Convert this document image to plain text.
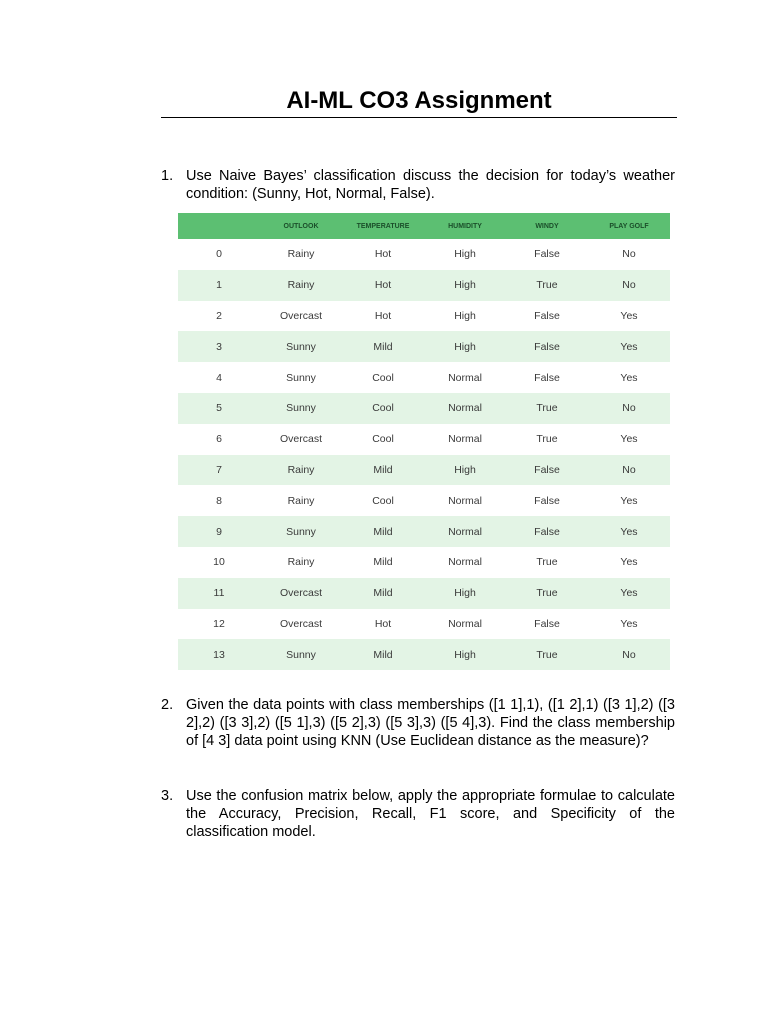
AI-ML CO3 Assignment
1. Use Naive Bayes’ classification discuss the decision for today’s weather condition: (Sunny, Hot, Normal, False).
	OUTLOOK	TEMPERATURE	HUMIDITY	WINDY	PLAY GOLF
0	Rainy	Hot	High	False	No
1	Rainy	Hot	High	True	No
2	Overcast	Hot	High	False	Yes
3	Sunny	Mild	High	False	Yes
4	Sunny	Cool	Normal	False	Yes
5	Sunny	Cool	Normal	True	No
6	Overcast	Cool	Normal	True	Yes
7	Rainy	Mild	High	False	No
8	Rainy	Cool	Normal	False	Yes
9	Sunny	Mild	Normal	False	Yes
10	Rainy	Mild	Normal	True	Yes
11	Overcast	Mild	High	True	Yes
12	Overcast	Hot	Normal	False	Yes
13	Sunny	Mild	High	True	No
2. Given the data points with class memberships ([1 1],1), ([1 2],1) ([3 1],2) ([3 2],2) ([3 3],2) ([5 1],3) ([5 2],3) ([5 3],3) ([5 4],3). Find the class membership of [4 3] data point using KNN (Use Euclidean distance as the measure)?
3. Use the confusion matrix below, apply the appropriate formulae to calculate the Accuracy, Precision, Recall, F1 score, and Specificity of the classification model.
